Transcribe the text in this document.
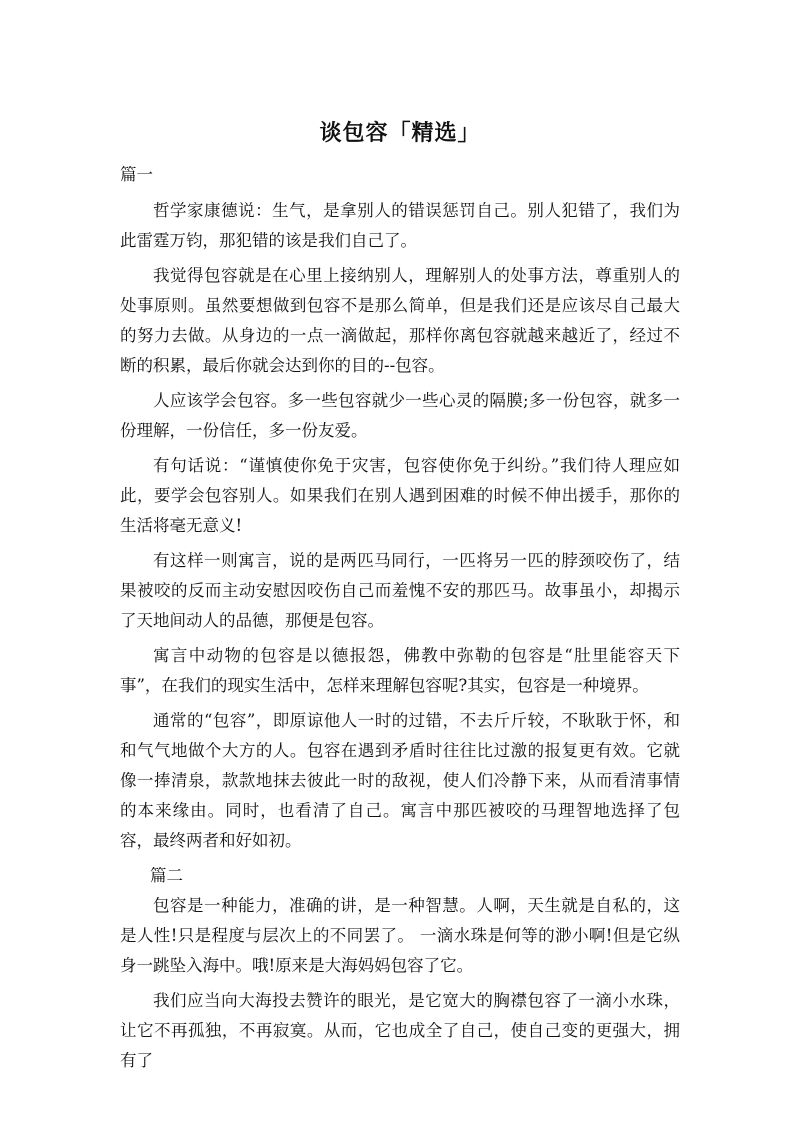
谈包容「精选」
篇一

哲学家康德说：生气，是拿别人的错误惩罚自己。别人犯错了，我们为此雷霆万钧，那犯错的该是我们自己了。

我觉得包容就是在心里上接纳别人，理解别人的处事方法，尊重别人的处事原则。虽然要想做到包容不是那么简单，但是我们还是应该尽自己最大的努力去做。从身边的一点一滴做起，那样你离包容就越来越近了，经过不断的积累，最后你就会达到你的目的--包容。

人应该学会包容。多一些包容就少一些心灵的隔膜;多一份包容，就多一份理解，一份信任，多一份友爱。

有句话说：“谨慎使你免于灾害，包容使你免于纠纷。”我们待人理应如此，要学会包容别人。如果我们在别人遇到困难的时候不伸出援手，那你的生活将毫无意义!

有这样一则寓言，说的是两匹马同行，一匹将另一匹的脖颈咬伤了，结果被咬的反而主动安慰因咬伤自己而羞愧不安的那匹马。故事虽小，却揭示了天地间动人的品德，那便是包容。

寓言中动物的包容是以德报怨，佛教中弥勒的包容是“肚里能容天下事”，在我们的现实生活中，怎样来理解包容呢?其实，包容是一种境界。

通常的“包容”，即原谅他人一时的过错，不去斤斤较，不耿耿于怀，和和气气地做个大方的人。包容在遇到矛盾时往往比过激的报复更有效。它就像一捧清泉，款款地抹去彼此一时的敌视，使人们冷静下来，从而看清事情的本来缘由。同时，也看清了自己。寓言中那匹被咬的马理智地选择了包容，最终两者和好如初。

篇二

包容是一种能力，准确的讲，是一种智慧。人啊，天生就是自私的，这是人性!只是程度与层次上的不同罢了。 一滴水珠是何等的渺小啊!但是它纵身一跳坠入海中。哦!原来是大海妈妈包容了它。

我们应当向大海投去赞许的眼光，是它宽大的胸襟包容了一滴小水珠，让它不再孤独，不再寂寞。从而，它也成全了自己，使自己变的更强大，拥有了
